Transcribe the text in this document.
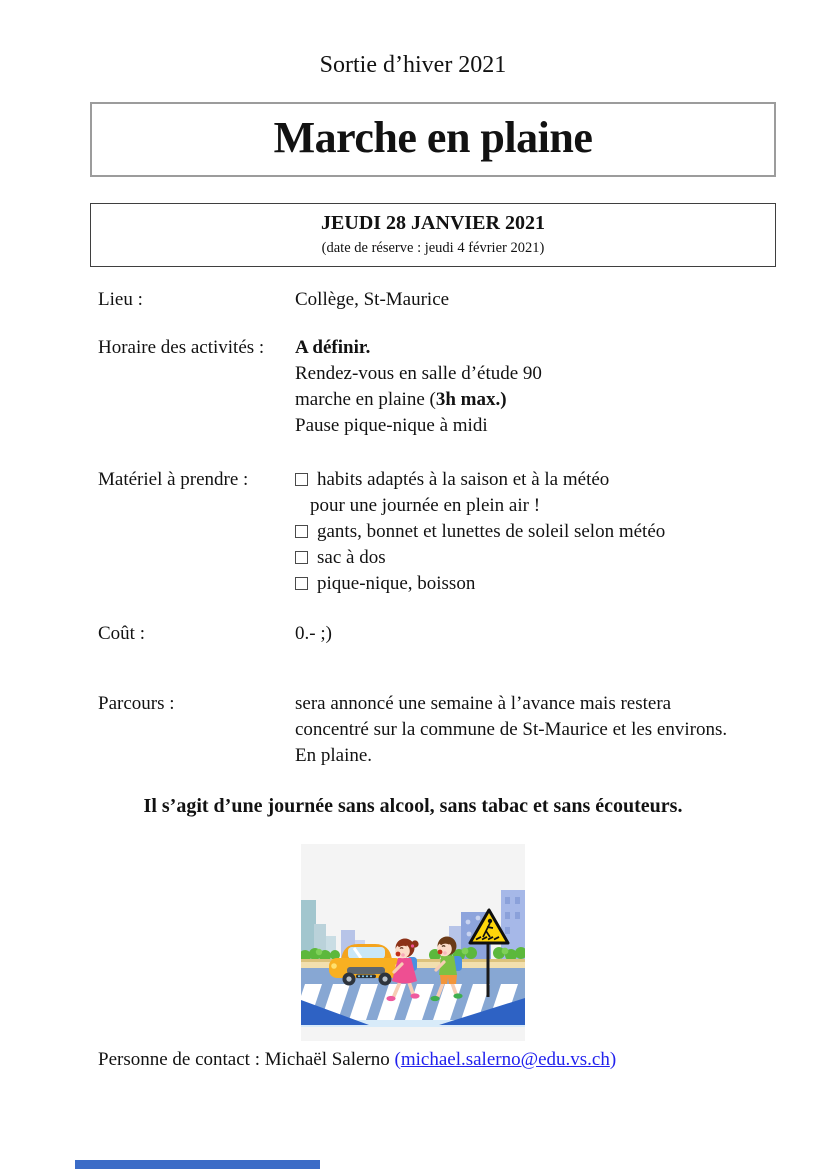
Sortie d’hiver 2021
Marche en plaine
JEUDI 28 JANVIER 2021
(date de réserve : jeudi 4 février 2021)
Lieu :	Collège, St-Maurice
Horaire des activités :	A définir.
Rendez-vous en salle d’étude 90
marche en plaine (3h max.)
Pause pique-nique à midi
Matériel à prendre :	habits adaptés à la saison et à la météo
pour une journée en plein air !
gants, bonnet et lunettes de soleil selon météo
sac à dos
pique-nique, boisson
Coût :	0.- ;)
Parcours :	sera annoncé une semaine à l’avance mais restera
concentré sur la commune de St-Maurice et les environs.
En plaine.
Il s’agit d’une journée sans alcool, sans tabac et sans écouteurs.
Personne de contact : Michaël Salerno (michael.salerno@edu.vs.ch)
